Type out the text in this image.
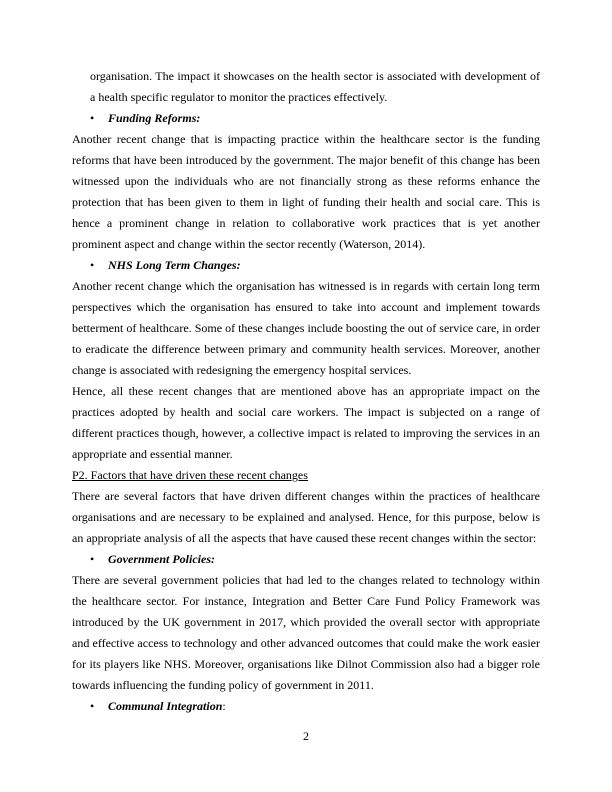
organisation. The impact it showcases on the health sector is associated with development of a health specific regulator to monitor the practices effectively.

•	Funding Reforms:

Another recent change that is impacting practice within the healthcare sector is the funding reforms that have been introduced by the government. The major benefit of this change has been witnessed upon the individuals who are not financially strong as these reforms enhance the protection that has been given to them in light of funding their health and social care. This is hence a prominent change in relation to collaborative work practices that is yet another prominent aspect and change within the sector recently (Waterson, 2014).

•	NHS Long Term Changes:

Another recent change which the organisation has witnessed is in regards with certain long term perspectives which the organisation has ensured to take into account and implement towards betterment of healthcare. Some of these changes include boosting the out of service care, in order to eradicate the difference between primary and community health services. Moreover, another change is associated with redesigning the emergency hospital services.

Hence, all these recent changes that are mentioned above has an appropriate impact on the practices adopted by health and social care workers. The impact is subjected on a range of different practices though, however, a collective impact is related to improving the services in an appropriate and essential manner.

P2. Factors that have driven these recent changes

There are several factors that have driven different changes within the practices of healthcare organisations and are necessary to be explained and analysed. Hence, for this purpose, below is an appropriate analysis of all the aspects that have caused these recent changes within the sector:

•	Government Policies:

There are several government policies that had led to the changes related to technology within the healthcare sector. For instance, Integration and Better Care Fund Policy Framework was introduced by the UK government in 2017, which provided the overall sector with appropriate and effective access to technology and other advanced outcomes that could make the work easier for its players like NHS. Moreover, organisations like Dilnot Commission also had a bigger role towards influencing the funding policy of government in 2011.

•	Communal Integration:
2
